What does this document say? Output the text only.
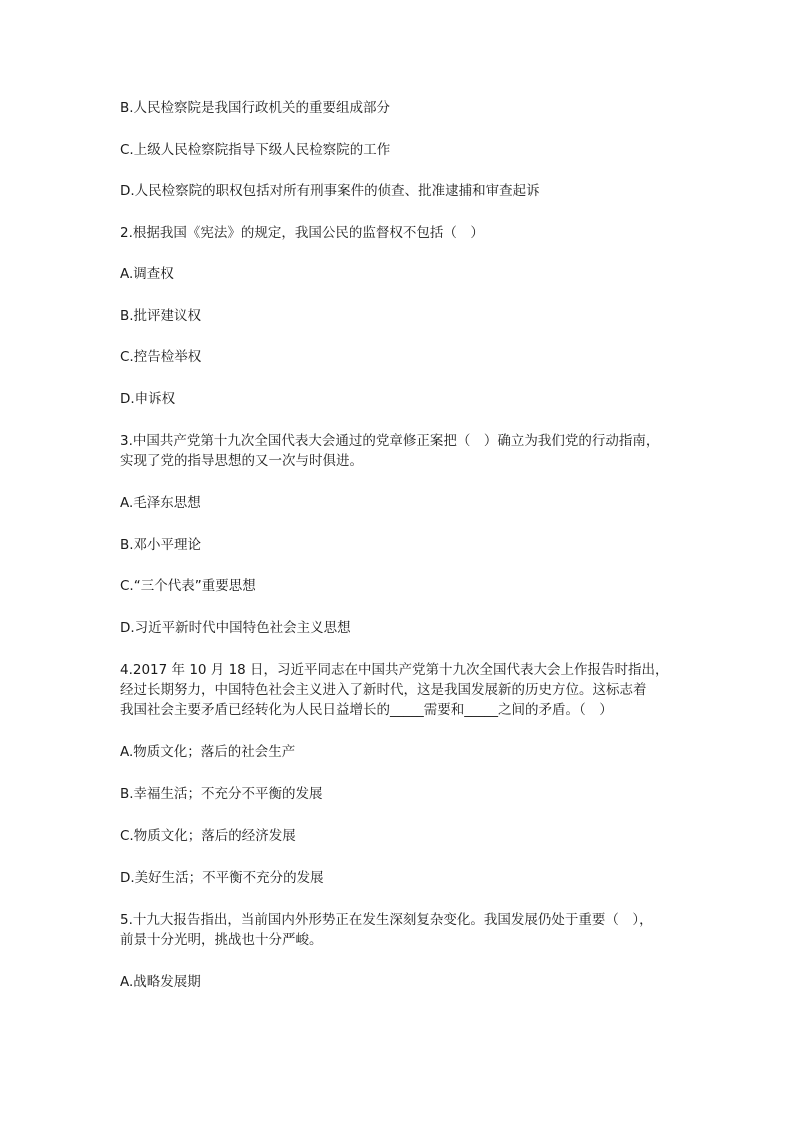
B.人民检察院是我国行政机关的重要组成部分
C.上级人民检察院指导下级人民检察院的工作
D.人民检察院的职权包括对所有刑事案件的侦查、批准逮捕和审查起诉
2.根据我国《宪法》的规定，我国公民的监督权不包括（　）
A.调查权
B.批评建议权
C.控告检举权
D.申诉权
3.中国共产党第十九次全国代表大会通过的党章修正案把（　）确立为我们党的行动指南，
实现了党的指导思想的又一次与时俱进。
A.毛泽东思想
B.邓小平理论
C.“三个代表”重要思想
D.习近平新时代中国特色社会主义思想
4.2017 年 10 月 18 日，习近平同志在中国共产党第十九次全国代表大会上作报告时指出，
经过长期努力，中国特色社会主义进入了新时代，这是我国发展新的历史方位。这标志着
我国社会主要矛盾已经转化为人民日益增长的_____需要和_____之间的矛盾。（　）
A.物质文化；落后的社会生产
B.幸福生活；不充分不平衡的发展
C.物质文化；落后的经济发展
D.美好生活；不平衡不充分的发展
5.十九大报告指出，当前国内外形势正在发生深刻复杂变化。我国发展仍处于重要（　），
前景十分光明，挑战也十分严峻。
A.战略发展期
